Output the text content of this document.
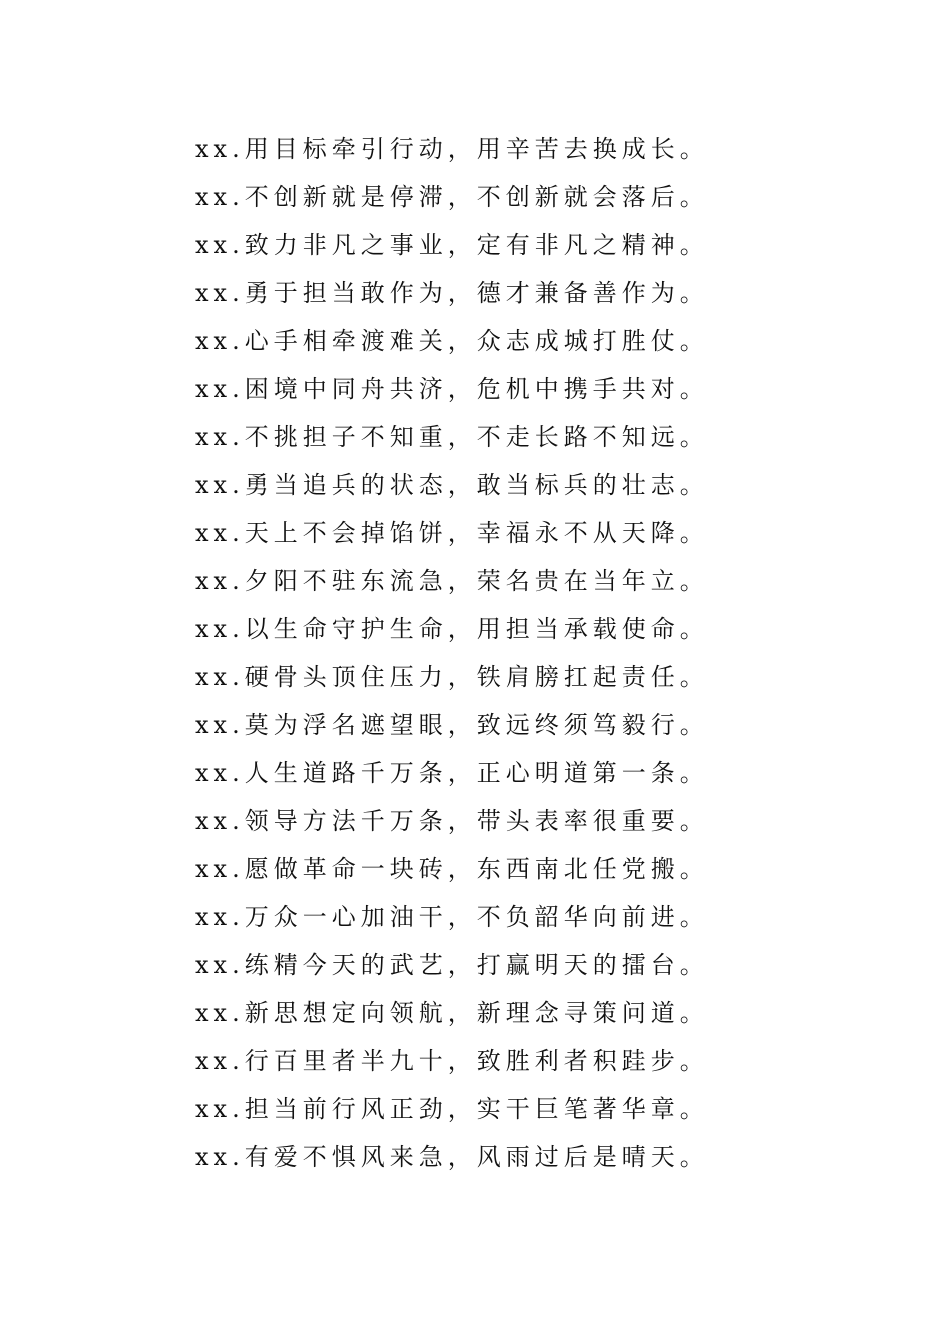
xx.用目标牵引行动，用辛苦去换成长。
xx.不创新就是停滞，不创新就会落后。
xx.致力非凡之事业，定有非凡之精神。
xx.勇于担当敢作为，德才兼备善作为。
xx.心手相牵渡难关，众志成城打胜仗。
xx.困境中同舟共济，危机中携手共对。
xx.不挑担子不知重，不走长路不知远。
xx.勇当追兵的状态，敢当标兵的壮志。
xx.天上不会掉馅饼，幸福永不从天降。
xx.夕阳不驻东流急，荣名贵在当年立。
xx.以生命守护生命，用担当承载使命。
xx.硬骨头顶住压力，铁肩膀扛起责任。
xx.莫为浮名遮望眼，致远终须笃毅行。
xx.人生道路千万条，正心明道第一条。
xx.领导方法千万条，带头表率很重要。
xx.愿做革命一块砖，东西南北任党搬。
xx.万众一心加油干，不负韶华向前进。
xx.练精今天的武艺，打赢明天的擂台。
xx.新思想定向领航，新理念寻策问道。
xx.行百里者半九十，致胜利者积跬步。
xx.担当前行风正劲，实干巨笔著华章。
xx.有爱不惧风来急，风雨过后是晴天。
